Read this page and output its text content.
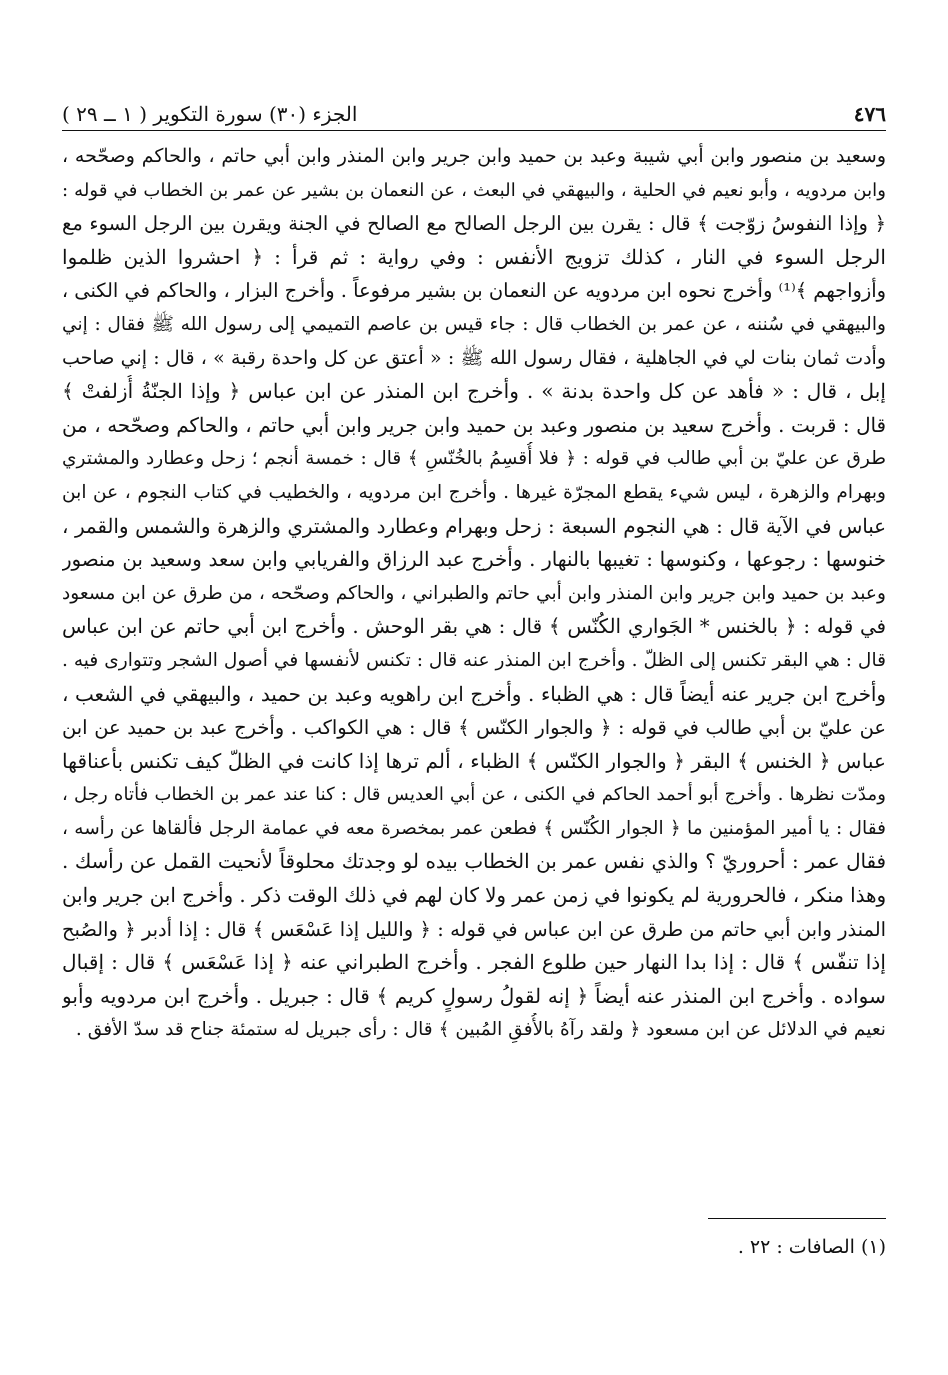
٤٧٦
الجزء (٣٠) سورة التكوير ( ١ ــ ٢٩ )
وسعيد بن منصور وابن أبي شيبة وعبد بن حميد وابن جرير وابن المنذر وابن أبي حاتم ، والحاكم وصحّحه ،
وابن مردويه ، وأبو نعيم في الحلية ، والبيهقي في البعث ، عن النعمان بن بشير عن عمر بن الخطاب في قوله :
﴿ وإذا النفوسُ زوّجت ﴾ قال : يقرن بين الرجل الصالح مع الصالح في الجنة ويقرن بين الرجل السوء مع
الرجل السوء في النار ، كذلك تزويج الأنفس : وفي رواية : ثم قرأ : ﴿ احشروا الذين ظلموا
وأزواجهم ﴾⁽¹⁾ وأخرج نحوه ابن مردويه عن النعمان بن بشير مرفوعاً . وأخرج البزار ، والحاكم في الكنى ،
والبيهقي في سُننه ، عن عمر بن الخطاب قال : جاء قيس بن عاصم التميمي إلى رسول الله ﷺ فقال : إني
وأدت ثمان بنات لي في الجاهلية ، فقال رسول الله ﷺ : « أعتق عن كل واحدة رقبة » ، قال : إني صاحب
إبل ، قال : « فأهد عن كل واحدة بدنة » . وأخرج ابن المنذر عن ابن عباس ﴿ وإذا الجنّةُ أُزلفتْ ﴾
قال : قربت . وأخرج سعيد بن منصور وعبد بن حميد وابن جرير وابن أبي حاتم ، والحاكم وصحّحه ، من
طرق عن عليّ بن أبي طالب في قوله : ﴿ فلا أُقسِمُ بالخُنّسِ ﴾ قال : خمسة أنجم ؛ زحل وعطارد والمشتري
وبهرام والزهرة ، ليس شيء يقطع المجرّة غيرها . وأخرج ابن مردويه ، والخطيب في كتاب النجوم ، عن ابن
عباس في الآية قال : هي النجوم السبعة : زحل وبهرام وعطارد والمشتري والزهرة والشمس والقمر ،
خنوسها : رجوعها ، وكنوسها : تغيبها بالنهار . وأخرج عبد الرزاق والفريابي وابن سعد وسعيد بن منصور
وعبد بن حميد وابن جرير وابن المنذر وابن أبي حاتم والطبراني ، والحاكم وصحّحه ، من طرق عن ابن مسعود
في قوله : ﴿ بالخنس * الجَواري الكُنّس ﴾ قال : هي بقر الوحش . وأخرج ابن أبي حاتم عن ابن عباس
قال : هي البقر تكنس إلى الظلّ . وأخرج ابن المنذر عنه قال : تكنس لأنفسها في أصول الشجر وتتوارى فيه .
وأخرج ابن جرير عنه أيضاً قال : هي الظباء . وأخرج ابن راهويه وعبد بن حميد ، والبيهقي في الشعب ،
عن عليّ بن أبي طالب في قوله : ﴿ والجوار الكنّس ﴾ قال : هي الكواكب . وأخرج عبد بن حميد عن ابن
عباس ﴿ الخنس ﴾ البقر ﴿ والجوار الكنّس ﴾ الظباء ، ألم ترها إذا كانت في الظلّ كيف تكنس بأعناقها
ومدّت نظرها . وأخرج أبو أحمد الحاكم في الكنى ، عن أبي العديس قال : كنا عند عمر بن الخطاب فأتاه رجل ،
فقال : يا أمير المؤمنين ما ﴿ الجوار الكُنّس ﴾ فطعن عمر بمخصرة معه في عمامة الرجل فألقاها عن رأسه ،
فقال عمر : أحروريّ ؟ والذي نفس عمر بن الخطاب بيده لو وجدتك محلوقاً لأنحيت القمل عن رأسك .
وهذا منكر ، فالحرورية لم يكونوا في زمن عمر ولا كان لهم في ذلك الوقت ذكر . وأخرج ابن جرير وابن
المنذر وابن أبي حاتم من طرق عن ابن عباس في قوله : ﴿ والليل إذا عَسْعَس ﴾ قال : إذا أدبر ﴿ والصُبح
إذا تنفّس ﴾ قال : إذا بدا النهار حين طلوع الفجر . وأخرج الطبراني عنه ﴿ إذا عَسْعَس ﴾ قال : إقبال
سواده . وأخرج ابن المنذر عنه أيضاً ﴿ إنه لقولُ رسولٍ كريم ﴾ قال : جبريل . وأخرج ابن مردويه وأبو
نعيم في الدلائل عن ابن مسعود ﴿ ولقد رآهُ بالأُفقِ المُبين ﴾ قال : رأى جبريل له ستمئة جناح قد سدّ الأفق .
(١) الصافات : ٢٢ .
